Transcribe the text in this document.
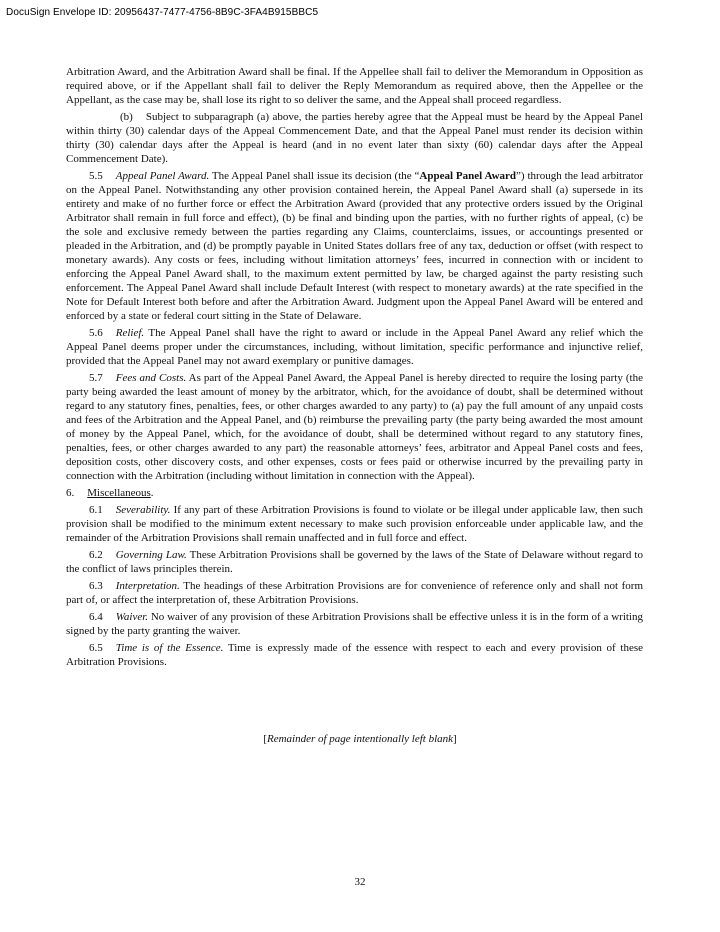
DocuSign Envelope ID: 20956437-7477-4756-8B9C-3FA4B915BBC5

Arbitration Award, and the Arbitration Award shall be final. If the Appellee shall fail to deliver the Memorandum in Opposition as required above, or if the Appellant shall fail to deliver the Reply Memorandum as required above, then the Appellee or the Appellant, as the case may be, shall lose its right to so deliver the same, and the Appeal shall proceed regardless.

(b) Subject to subparagraph (a) above, the parties hereby agree that the Appeal must be heard by the Appeal Panel within thirty (30) calendar days of the Appeal Commencement Date, and that the Appeal Panel must render its decision within thirty (30) calendar days after the Appeal is heard (and in no event later than sixty (60) calendar days after the Appeal Commencement Date).

5.5 Appeal Panel Award. The Appeal Panel shall issue its decision (the “Appeal Panel Award”) through the lead arbitrator on the Appeal Panel. Notwithstanding any other provision contained herein, the Appeal Panel Award shall (a) supersede in its entirety and make of no further force or effect the Arbitration Award (provided that any protective orders issued by the Original Arbitrator shall remain in full force and effect), (b) be final and binding upon the parties, with no further rights of appeal, (c) be the sole and exclusive remedy between the parties regarding any Claims, counterclaims, issues, or accountings presented or pleaded in the Arbitration, and (d) be promptly payable in United States dollars free of any tax, deduction or offset (with respect to monetary awards). Any costs or fees, including without limitation attorneys’ fees, incurred in connection with or incident to enforcing the Appeal Panel Award shall, to the maximum extent permitted by law, be charged against the party resisting such enforcement. The Appeal Panel Award shall include Default Interest (with respect to monetary awards) at the rate specified in the Note for Default Interest both before and after the Arbitration Award. Judgment upon the Appeal Panel Award will be entered and enforced by a state or federal court sitting in the State of Delaware.

5.6 Relief. The Appeal Panel shall have the right to award or include in the Appeal Panel Award any relief which the Appeal Panel deems proper under the circumstances, including, without limitation, specific performance and injunctive relief, provided that the Appeal Panel may not award exemplary or punitive damages.

5.7 Fees and Costs. As part of the Appeal Panel Award, the Appeal Panel is hereby directed to require the losing party (the party being awarded the least amount of money by the arbitrator, which, for the avoidance of doubt, shall be determined without regard to any statutory fines, penalties, fees, or other charges awarded to any party) to (a) pay the full amount of any unpaid costs and fees of the Arbitration and the Appeal Panel, and (b) reimburse the prevailing party (the party being awarded the most amount of money by the Appeal Panel, which, for the avoidance of doubt, shall be determined without regard to any statutory fines, penalties, fees, or other charges awarded to any part) the reasonable attorneys’ fees, arbitrator and Appeal Panel costs and fees, deposition costs, other discovery costs, and other expenses, costs or fees paid or otherwise incurred by the prevailing party in connection with the Arbitration (including without limitation in connection with the Appeal).

6. Miscellaneous.

6.1 Severability. If any part of these Arbitration Provisions is found to violate or be illegal under applicable law, then such provision shall be modified to the minimum extent necessary to make such provision enforceable under applicable law, and the remainder of the Arbitration Provisions shall remain unaffected and in full force and effect.

6.2 Governing Law. These Arbitration Provisions shall be governed by the laws of the State of Delaware without regard to the conflict of laws principles therein.

6.3 Interpretation. The headings of these Arbitration Provisions are for convenience of reference only and shall not form part of, or affect the interpretation of, these Arbitration Provisions.

6.4 Waiver. No waiver of any provision of these Arbitration Provisions shall be effective unless it is in the form of a writing signed by the party granting the waiver.

6.5 Time is of the Essence. Time is expressly made of the essence with respect to each and every provision of these Arbitration Provisions.

[Remainder of page intentionally left blank]
32
